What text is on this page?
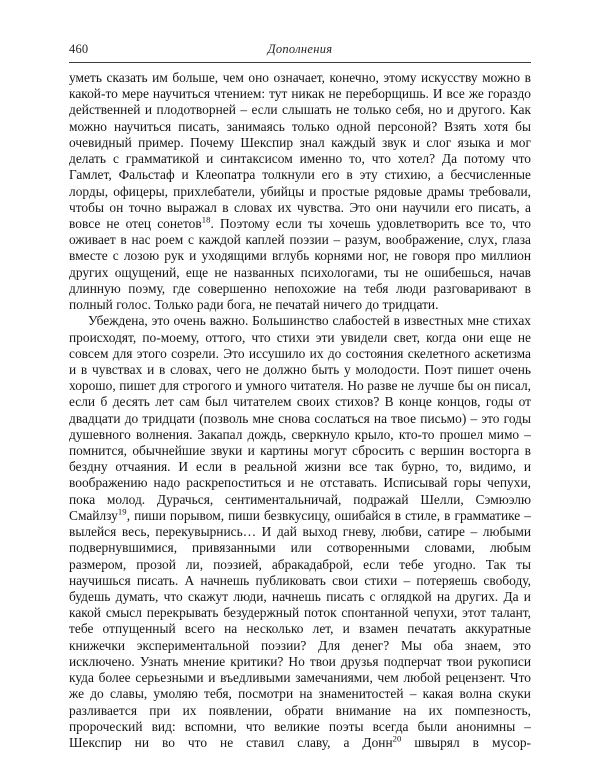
460	Дополнения

уметь сказать им больше, чем оно означает, конечно, этому искусству можно в какой-то мере научиться чтением: тут никак не переборщишь. И все же гораздо действенней и плодотворней – если слышать не только себя, но и другого. Как можно научиться писать, занимаясь только одной персоной? Взять хотя бы очевидный пример. Почему Шекспир знал каждый звук и слог языка и мог делать с грамматикой и синтаксисом именно то, что хотел? Да потому что Гамлет, Фальстаф и Клеопатра толкнули его в эту стихию, а бесчисленные лорды, офицеры, прихлебатели, убийцы и простые рядовые драмы требовали, чтобы он точно выражал в словах их чувства. Это они научили его писать, а вовсе не отец сонетов$^{18}$. Поэтому если ты хочешь удовлетворить все то, что оживает в нас роем с каждой каплей поэзии – разум, воображение, слух, глаза вместе с лозою рук и уходящими вглубь корнями ног, не говоря про миллион других ощущений, еще не названных психологами, ты не ошибешься, начав длинную поэму, где совершенно непохожие на тебя люди разговаривают в полный голос. Только ради бога, не печатай ничего до тридцати.

Убеждена, это очень важно. Большинство слабостей в известных мне стихах происходят, по-моему, оттого, что стихи эти увидели свет, когда они еще не совсем для этого созрели. Это иссушило их до состояния скелетного аскетизма и в чувствах и в словах, чего не должно быть у молодости. Поэт пишет очень хорошо, пишет для строгого и умного читателя. Но разве не лучше бы он писал, если б десять лет сам был читателем своих стихов? В конце концов, годы от двадцати до тридцати (позволь мне снова сослаться на твое письмо) – это годы душевного волнения. Закапал дождь, сверкнуло крыло, кто-то прошел мимо – помнится, обычнейшие звуки и картины могут сбросить с вершин восторга в бездну отчаяния. И если в реальной жизни все так бурно, то, видимо, и воображению надо раскрепоститься и не отставать. Исписывай горы чепухи, пока молод. Дурачься, сентиментальничай, подражай Шелли, Сэмюэлю Смайлзу$^{19}$, пиши порывом, пиши безвкусицу, ошибайся в стиле, в грамматике – вылейся весь, перекувырнись… И дай выход гневу, любви, сатире – любыми подвернувшимися, привязанными или сотворенными словами, любым размером, прозой ли, поэзией, абракадаброй, если тебе угодно. Так ты научишься писать. А начнешь публиковать свои стихи – потеряешь свободу, будешь думать, что скажут люди, начнешь писать с оглядкой на других. Да и какой смысл перекрывать безудержный поток спонтанной чепухи, этот талант, тебе отпущенный всего на несколько лет, и взамен печатать аккуратные книжечки экспериментальной поэзии? Для денег? Мы оба знаем, это исключено. Узнать мнение критики? Но твои друзья подперчат твои рукописи куда более серьезными и въедливыми замечаниями, чем любой рецензент. Что же до славы, умоляю тебя, посмотри на знаменитостей – какая волна скуки разливается при их появлении, обрати внимание на их помпезность, пророческий вид: вспомни, что великие поэты всегда были анонимны – Шекспир ни во что не ставил славу, а Донн$^{20}$ швырял в мусор-
